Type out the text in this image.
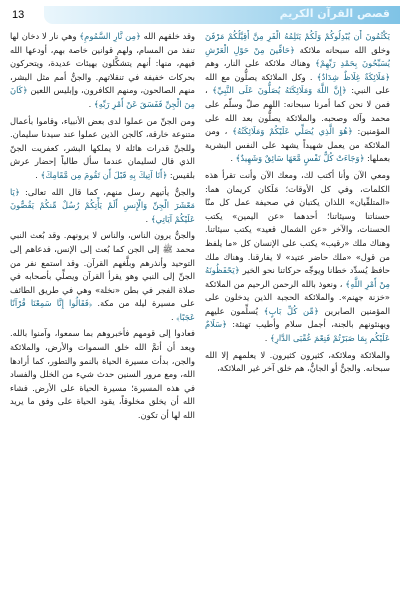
قصص القرآن الكريم
13

يَكْتُمُونَ أَن يُبْدِلُوكُمْ وَلَكُمْ يَتَلِمُهُ الْفَرِ مِنَّ أَقِيَّلُكُمْ مَرْفَنَ وخلق الله سبحانه ملائكة ﴿حَافِّينَ مِنْ حَوْلِ الْعَرْشِ يُسَبِّحُونَ بِحَمْدِ رَبِّهِمْ﴾ وهناك ملائكة على النار، وهم ﴿مَلَائِكَةٌ غِلَاظٌ شِدَادٌ﴾ . وكل الملائكة يصلُّون مع الله على النبي: ﴿إِنَّ اللَّهَ وَمَلَائِكَتَهُ يُصَلُّونَ عَلَى النَّبِيِّ﴾ ، فمن لا نحن كما أمرنا سبحانه: اللهم صلّ وسلّم على محمد وآله وصحبه. والملائكة يصلُّون بعد الله على المؤمنين: ﴿هُوَ الَّذِي يُصَلِّي عَلَيْكُمْ وَمَلَائِكَتُهُ﴾ ، ومن الملائكة من يعمل شهيداً يشهد على النفس البشرية بعملها: ﴿وَجَاءَتْ كُلُّ نَفْسٍ مَّعَهَا سَائِقٌ وَشَهِيدٌ﴾ .

ومعي الآن وأنا أكتب لك، ومعك الآن وأنت تقرأ هذه الكلمات، وفي كل الأوقات؛ مَلَكان كريمان هما: «المتلقِّيان» اللذان يكتبان في صحيفة عمل كل منّا حسناتنا وسيئاتنا؛ أحدهما «عن اليمين» يكتب الحسنات، والآخر «عن الشمال قعيد» يكتب سيئاتنا. وهناك ملك «رقيب» يكتب على الإنسان كل «ما يلفظ من قول» «ملك حاضر عتيد» لا يفارقنا. وهناك ملك حافظ يُسدِّد خطانا ويوجِّه حركاتنا نحو الخير ﴿يَحْفَظُونَهُ مِنْ أَمْرِ اللَّهِ﴾ ، ونعوذ بالله الرحمن الرحيم من الملائكة «خزنة جهنم». والملائكة الحجبة الذين يدخلون على المؤمنين الصابرين ﴿مِّن كُلِّ بَابٍ﴾ يُسلِّمون عليهم ويهنئونهم بالجنة، أجمل سلام وأطيب تهنئة: ﴿سَلَامٌ عَلَيْكُم بِمَا صَبَرْتُمْ فَنِعْمَ عُقْبَى الدَّارِ﴾ .

والملائكة وملائكة، كثيرون كثيرون. لا يعلمهم إلا الله سبحانه. والجنُّ أو الجانُّ، هم خلق آخر غير الملائكة،

وقد خلقهم الله ﴿مِن نَّارِ السَّمُومِ﴾ وهي نار لا دخان لها تنفذ من المسام، ولهم قوانين خاصة بهم، أودعها الله فيهم، منها: أنهم يتشكَّلون بهيئات عديدة، ويتحركون بحركات خفيفة في تنقلاتهم. والجنُّ أمم مثل البشر، منهم الصالحون، ومنهم الكافرون، وإبليس اللعين ﴿كَانَ مِنَ الْجِنِّ فَفَسَقَ عَنْ أَمْرِ رَبِّهِ﴾ .

ومن الجنِّ من عملوا لدى بعض الأنبياء، وقاموا بأعمال متنوعة خارقة، كالجن الذين عملوا عند سيدنا سليمان. وللجنِّ قدرات هائلة لا يملكها البشر، كعفريت الجنّ الذي قال لسليمان عندما سأل طالباً إحضار عرش بلقيس: ﴿أَنَا آتِيكَ بِهِ قَبْلَ أَن تَقُومَ مِن مَّقَامِكَ﴾ .

والجنُّ يأتيهم رسل منهم، كما قال الله تعالى: ﴿يَا مَعْشَرَ الْجِنِّ وَالْإِنسِ أَلَمْ يَأْتِكُمْ رُسُلٌ مِّنكُمْ يَقُصُّونَ عَلَيْكُمْ آيَاتِي﴾ .

والجنُّ يرون الناس، والناس لا يرونهم. وقد بُعث النبي محمد ﷺ إلى الجن كما بُعث إلى الإنس، فدعاهم إلى التوحيد وأنذرهم وبلَّغهم القرآن. وقد استمع نفر من الجنِّ إلى النبي وهو يقرأ القرآن ويصلِّي بأصحابه في صلاة الفجر في بطن «نخلة» وهي في طريق الطائف على مسيرة ليلة من مكة. ﴿فَقَالُوا إِنَّا سَمِعْنَا قُرْآنًا عَجَبًا﴾ .

فعادوا إلى قومهم فأخبروهم بما سمعوا، وآمنوا بالله. ويعد أن أتمَّ الله خلق السموات والأرض، والملائكة والجن، بدأت مسيرة الحياة بالنمو والتطور، كما أرادها الله، ومع مرور السنين حدث شيء من الخلل والفساد في هذه المسيرة؛ مسيرة الحياة على الأرض. فشاء الله أن يخلق مخلوقاً، يقود الحياة على وفق ما يريد الله لها أن تكون.
